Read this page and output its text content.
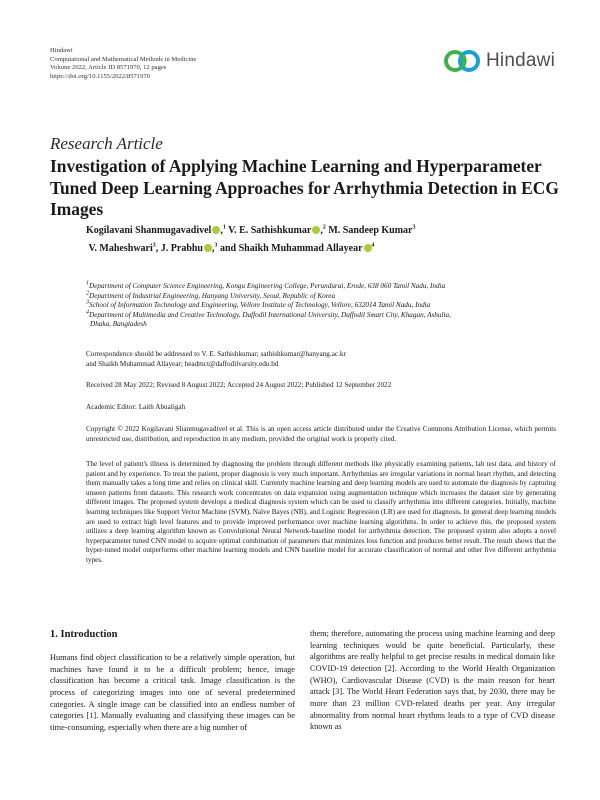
Hindawi
Computational and Mathematical Methods in Medicine
Volume 2022, Article ID 8571970, 12 pages
https://doi.org/10.1155/2022/8571970
Hindawi
Research Article
Investigation of Applying Machine Learning and Hyperparameter Tuned Deep Learning Approaches for Arrhythmia Detection in ECG Images
Kogilavani Shanmugavadivel ,$^1$ V. E. Sathishkumar ,$^2$ M. Sandeep Kumar$^3$
V. Maheshwari$^3$, J. Prabhu ,$^3$ and Shaikh Muhammad Allayear $^4$
$^1$Department of Computer Science Engineering, Kongu Engineering College, Perundurai, Erode, 638 060 Tamil Nadu, India
$^2$Department of Industrial Engineering, Hanyang University, Seoul, Republic of Korea
$^3$School of Information Technology and Engineering, Vellore Institute of Technology, Vellore, 632014 Tamil Nadu, India
$^4$Department of Multimedia and Creative Technology, Daffodil International University, Daffodil Smart City, Khagan, Ashulia,
Dhaka, Bangladesh
Correspondence should be addressed to V. E. Sathishkumar; sathishkumar@hanyang.ac.kr
and Shaikh Muhammad Allayear; headmct@daffodilvarsity.edu.bd
Received 28 May 2022; Revised 8 August 2022; Accepted 24 August 2022; Published 12 September 2022
Academic Editor: Laith Abualigah
Copyright © 2022 Kogilavani Shanmugavadivel et al. This is an open access article distributed under the Creative Commons Attribution License, which permits unrestricted use, distribution, and reproduction in any medium, provided the original work is properly cited.
The level of patient's illness is determined by diagnosing the problem through different methods like physically examining patients, lab test data, and history of patient and by experience. To treat the patient, proper diagnosis is very much important. Arrhythmias are irregular variations in normal heart rhythm, and detecting them manually takes a long time and relies on clinical skill. Currently machine learning and deep learning models are used to automate the diagnosis by capturing unseen patterns from datasets. This research work concentrates on data expansion using augmentation technique which increases the dataset size by generating different images. The proposed system develops a medical diagnosis system which can be used to classify arrhythmia into different categories. Initially, machine learning techniques like Support Vector Machine (SVM), Naïve Bayes (NB), and Logistic Regression (LR) are used for diagnosis. In general deep learning models are used to extract high level features and to provide improved performance over machine learning algorithms. In order to achieve this, the proposed system utilizes a deep learning algorithm known as Convolutional Neural Network-baseline model for arrhythmia detection. The proposed system also adopts a novel hyperparameter tuned CNN model to acquire optimal combination of parameters that minimizes loss function and produces better result. The result shows that the hyper-tuned model outperforms other machine learning models and CNN baseline model for accurate classification of normal and other five different arrhythmia types.
1. Introduction
Humans find object classification to be a relatively simple operation, but machines have found it to be a difficult problem; hence, image classification has become a critical task. Image classification is the process of categorizing images into one of several predetermined categories. A single image can be classified into an endless number of categories [1]. Manually evaluating and classifying these images can be time-consuming, especially when there are a big number of
them; therefore, automating the process using machine learning and deep learning techniques would be quite beneficial. Particularly, these algorithms are really helpful to get precise results in medical domain like COVID-19 detection [2]. According to the World Health Organization (WHO), Cardiovascular Disease (CVD) is the main reason for heart attack [3]. The World Heart Federation says that, by 2030, there may be more than 23 million CVD-related deaths per year. Any irregular abnormality from normal heart rhythms leads to a type of CVD disease known as
